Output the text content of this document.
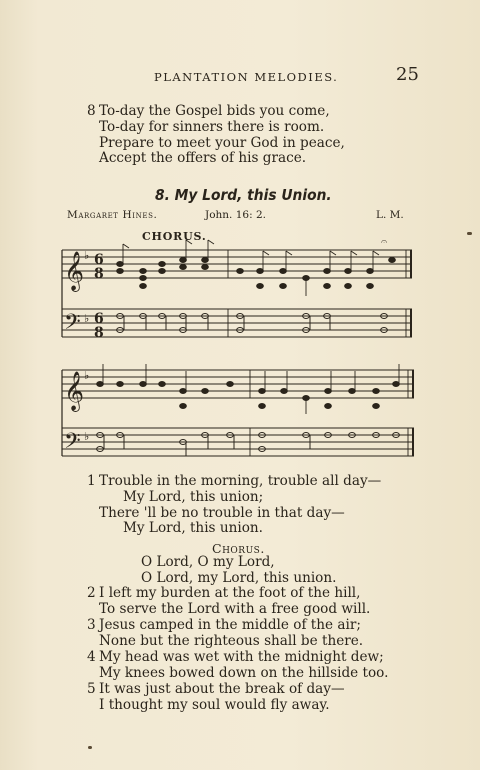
PLANTATION MELODIES.	25
8 To-day the Gospel bids you come,
To-day for sinners there is room.
Prepare to meet your God in peace,
Accept the offers of his grace.
8. My Lord, this Union.
Margaret Hines.	John. 16: 2.	L. M.
CHORUS.
𝄞
𝄢
𝄞
𝄢
♭
♭
♭
♭
6
8
6
8
𝄐
1 Trouble in the morning, trouble all day—
My Lord, this union;
There 'll be no trouble in that day—
My Lord, this union.
Chorus.
O Lord, O my Lord,
O Lord, my Lord, this union.
2 I left my burden at the foot of the hill,
To serve the Lord with a free good will.
3 Jesus camped in the middle of the air;
None but the righteous shall be there.
4 My head was wet with the midnight dew;
My knees bowed down on the hillside too.
5 It was just about the break of day—
I thought my soul would fly away.
